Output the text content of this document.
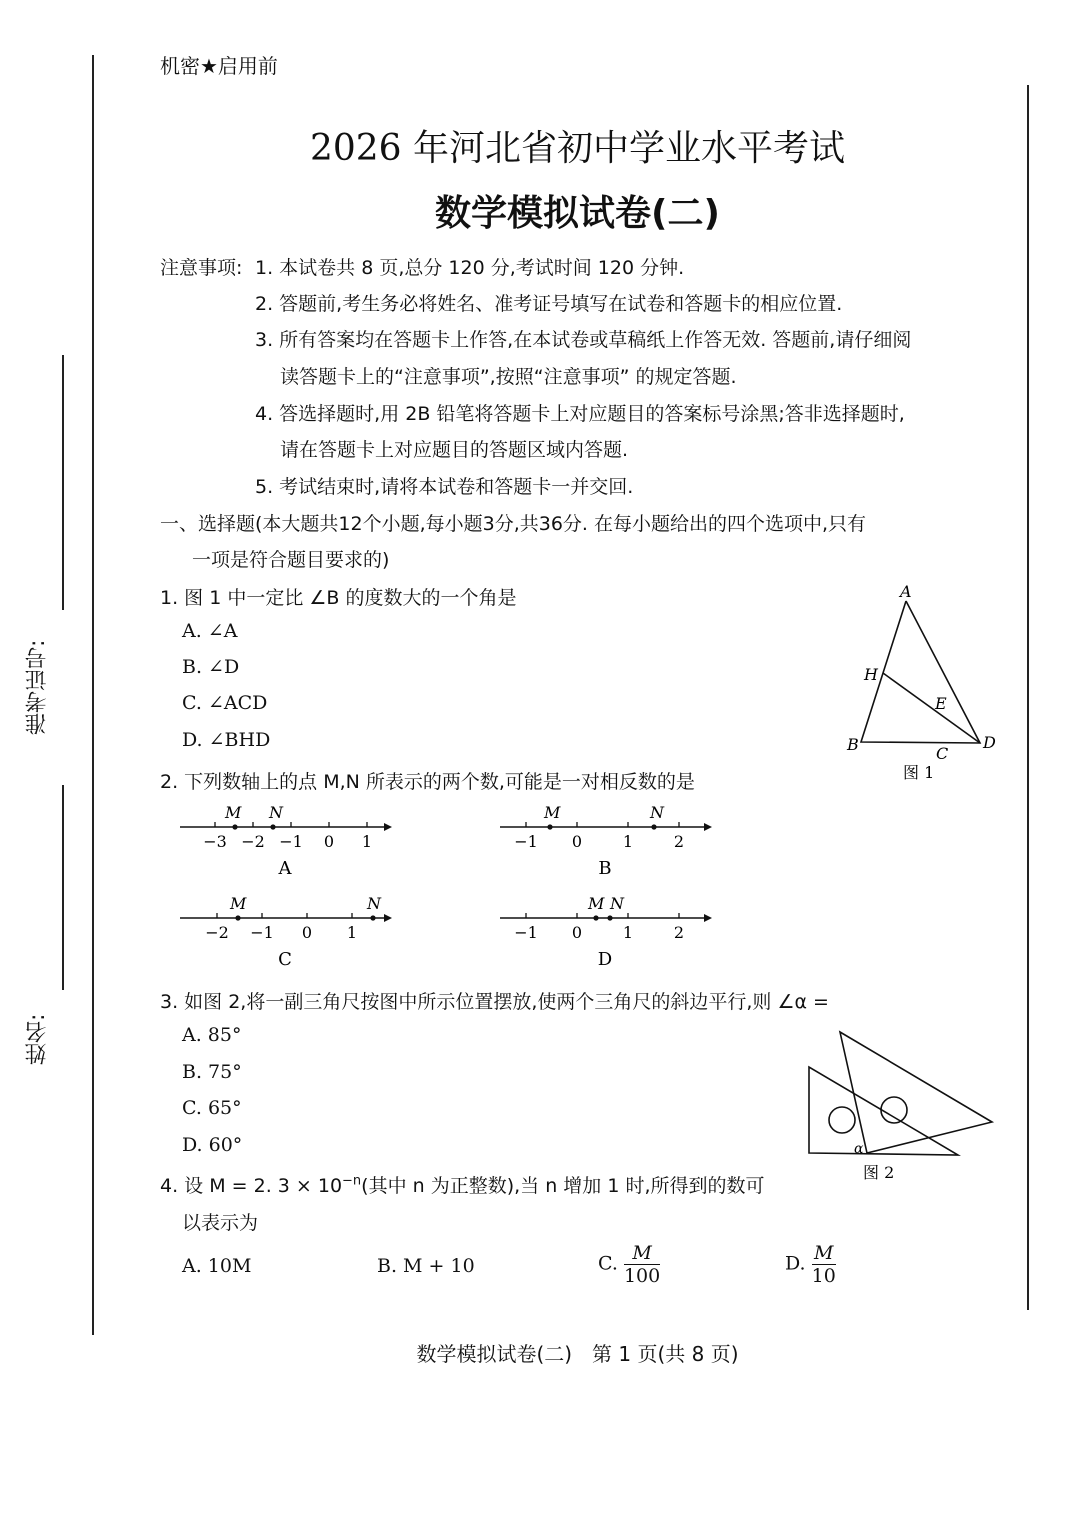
准考证号:
姓名:
机密★启用前
2026 年河北省初中学业水平考试
数学模拟试卷(二)
注意事项: 1. 本试卷共 8 页,总分 120 分,考试时间 120 分钟.
2. 答题前,考生务必将姓名、准考证号填写在试卷和答题卡的相应位置.
3. 所有答案均在答题卡上作答,在本试卷或草稿纸上作答无效. 答题前,请仔细阅
读答题卡上的“注意事项”,按照“注意事项” 的规定答题.
4. 答选择题时,用 2B 铅笔将答题卡上对应题目的答案标号涂黑;答非选择题时,
请在答题卡上对应题目的答题区域内答题.
5. 考试结束时,请将本试卷和答题卡一并交回.
一、选择题(本大题共12个小题,每小题3分,共36分. 在每小题给出的四个选项中,只有
一项是符合题目要求的)
1. 图 1 中一定比 ∠B 的度数大的一个角是
A. ∠A
B. ∠D
C. ∠ACD
D. ∠BHD
A
H
E
B	C
D
图 1
2. 下列数轴上的点 M,N 所表示的两个数,可能是一对相反数的是
−3 −2 −1 0 1
M N
A
−1 0	1	2
M	N
B
−2 −1 0 1
M	N
C
−1 0	1	2
M N
D
3. 如图 2,将一副三角尺按图中所示位置摆放,使两个三角尺的斜边平行,则 ∠α =
A. 85°
B. 75°
C. 65°
D. 60°	α
图 2
4. 设 M = 2. $3 \times 10^{-n}$(其中 n 为正整数),当 n 增加 1 时,所得到的数可
以表示为
A. 10M	B. M + 10	C. $\frac{M}{100}$	D. $\frac{M}{10}$
数学模拟试卷(二)　第 1 页(共 8 页)
